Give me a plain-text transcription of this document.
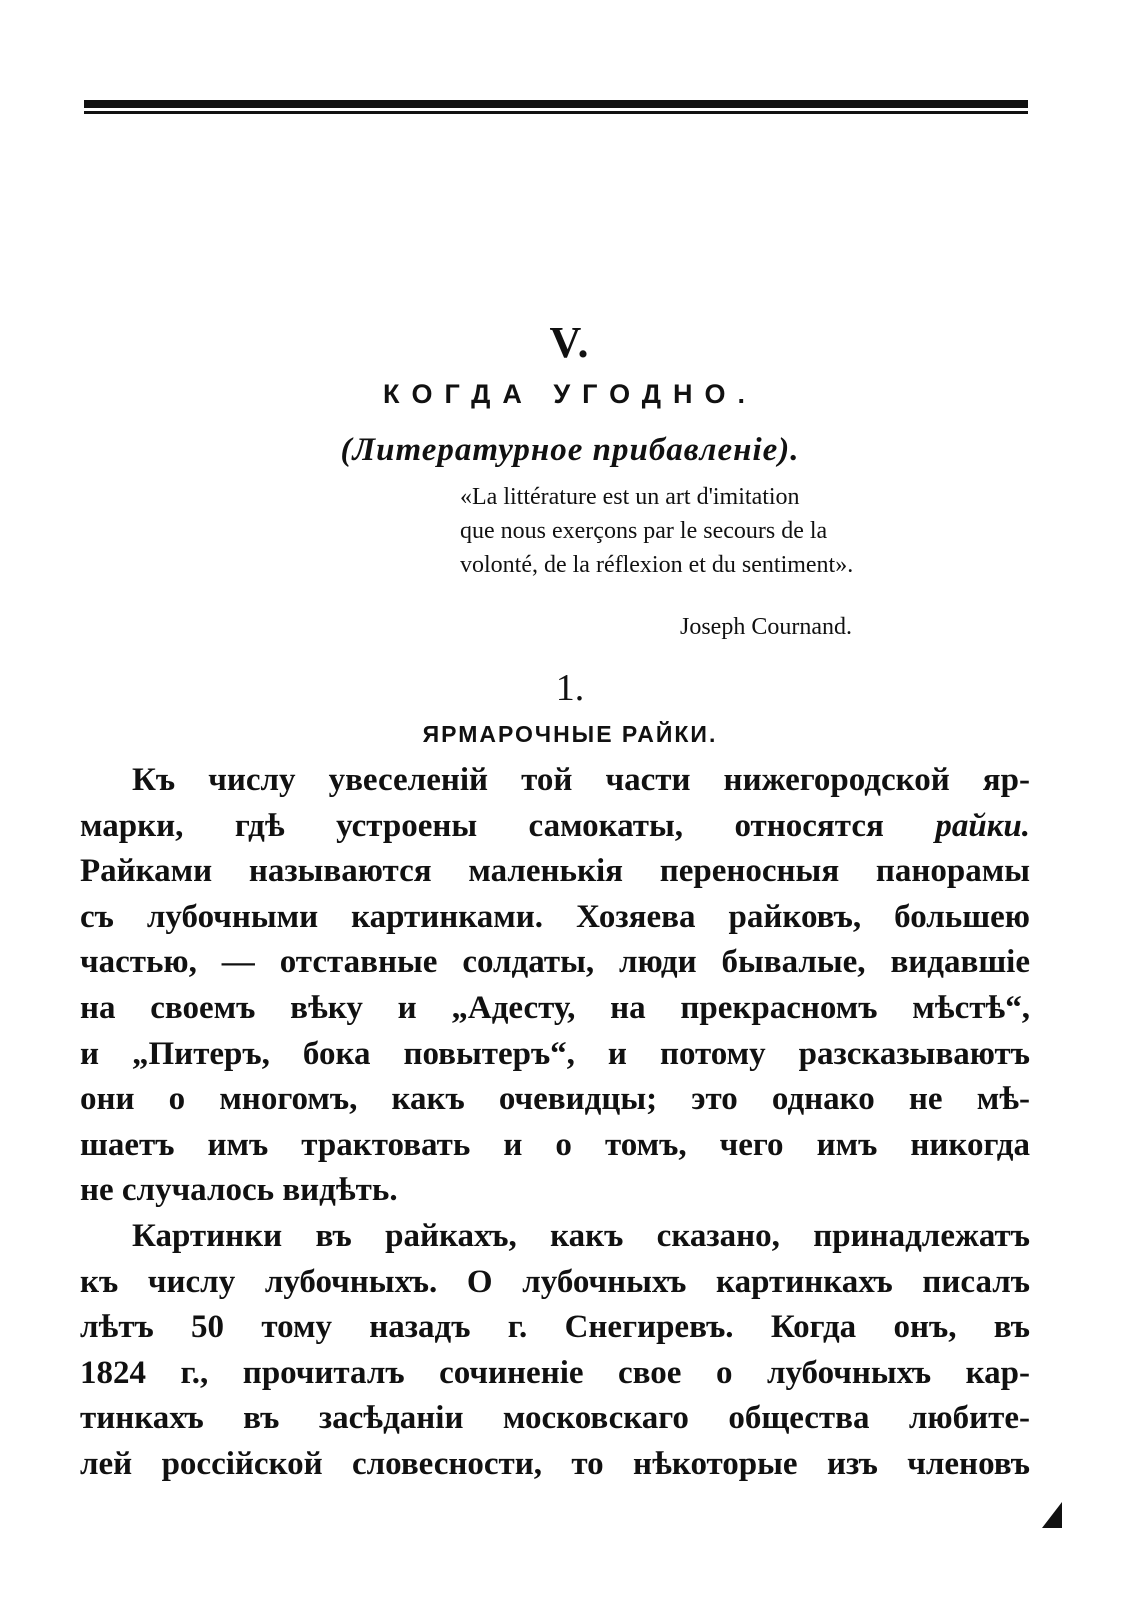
V.
КОГДА УГОДНО.
(Литературное прибавленіе).
«La littérature est un art d'imitation
que nous exerçons par le secours de la
volonté, de la réflexion et du sentiment».
Joseph Cournand.
1.
ЯРМАРОЧНЫЕ РАЙКИ.
Къ числу увеселеній той части нижегородской яр-
марки, гдѣ устроены самокаты, относятся райки.
Райками называются маленькія переносныя панорамы
съ лубочными картинками. Хозяева райковъ, большею
частью, — отставные солдаты, люди бывалые, видавшіе
на своемъ вѣку и „Адесту, на прекрасномъ мѣстѣ“,
и „Питеръ, бока повытеръ“, и потому разсказываютъ
они о многомъ, какъ очевидцы; это однако не мѣ-
шаетъ имъ трактовать и о томъ, чего имъ никогда
не случалось видѣть.
Картинки въ райкахъ, какъ сказано, принадлежатъ
къ числу лубочныхъ. О лубочныхъ картинкахъ писалъ
лѣтъ 50 тому назадъ г. Снегиревъ. Когда онъ, въ
1824 г., прочиталъ сочиненіе свое о лубочныхъ кар-
тинкахъ въ засѣданіи московскаго общества любите-
лей россійской словесности, то нѣкоторые изъ членовъ
